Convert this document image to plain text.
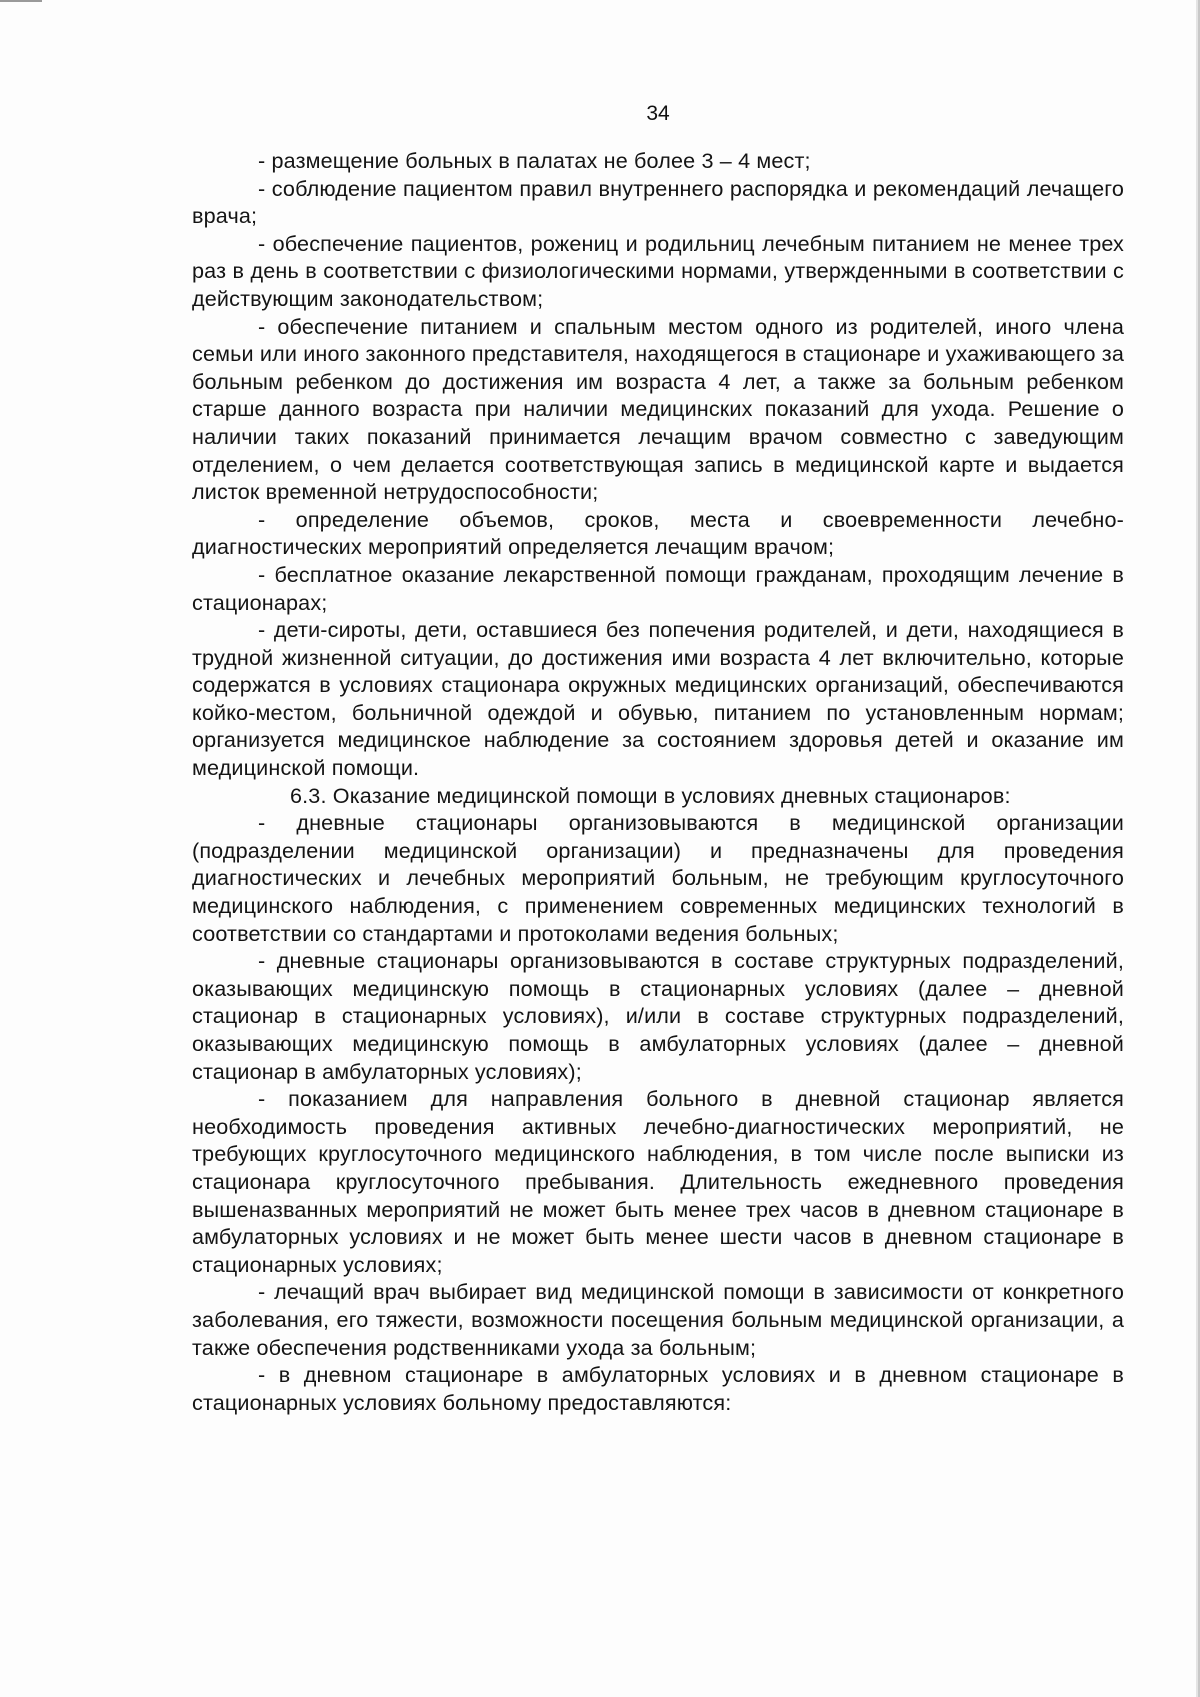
34

- размещение больных в палатах не более 3 – 4 мест;

- соблюдение пациентом правил внутреннего распорядка и рекомендаций лечащего врача;

- обеспечение пациентов, рожениц и родильниц лечебным питанием не менее трех раз в день в соответствии с физиологическими нормами, утвержденными в соответствии с действующим законодательством;

- обеспечение питанием и спальным местом одного из родителей, иного члена семьи или иного законного представителя, находящегося в стационаре и ухаживающего за больным ребенком до достижения им возраста 4 лет, а также за больным ребенком старше данного возраста при наличии медицинских показаний для ухода. Решение о наличии таких показаний принимается лечащим врачом совместно с заведующим отделением, о чем делается соответствующая запись в медицинской карте и выдается листок временной нетрудоспособности;

- определение объемов, сроков, места и своевременности лечебно-диагностических мероприятий определяется лечащим врачом;

- бесплатное оказание лекарственной помощи гражданам, проходящим лечение в стационарах;

- дети-сироты, дети, оставшиеся без попечения родителей, и дети, находящиеся в трудной жизненной ситуации, до достижения ими возраста 4 лет включительно, которые содержатся в условиях стационара окружных медицинских организаций, обеспечиваются койко-местом, больничной одеждой и обувью, питанием по установленным нормам; организуется медицинское наблюдение за состоянием здоровья детей и оказание им медицинской помощи.

6.3. Оказание медицинской помощи в условиях дневных стационаров:

- дневные стационары организовываются в медицинской организации (подразделении медицинской организации) и предназначены для проведения диагностических и лечебных мероприятий больным, не требующим круглосуточного медицинского наблюдения, с применением современных медицинских технологий в соответствии со стандартами и протоколами ведения больных;

- дневные стационары организовываются в составе структурных подразделений, оказывающих медицинскую помощь в стационарных условиях (далее – дневной стационар в стационарных условиях), и/или в составе структурных подразделений, оказывающих медицинскую помощь в амбулаторных условиях (далее – дневной стационар в амбулаторных условиях);

- показанием для направления больного в дневной стационар является необходимость проведения активных лечебно-диагностических мероприятий, не требующих круглосуточного медицинского наблюдения, в том числе после выписки из стационара круглосуточного пребывания. Длительность ежедневного проведения вышеназванных мероприятий не может быть менее трех часов в дневном стационаре в амбулаторных условиях и не может быть менее шести часов в дневном стационаре в стационарных условиях;

- лечащий врач выбирает вид медицинской помощи в зависимости от конкретного заболевания, его тяжести, возможности посещения больным медицинской организации, а также обеспечения родственниками ухода за больным;

- в дневном стационаре в амбулаторных условиях и в дневном стационаре в стационарных условиях больному предоставляются:
